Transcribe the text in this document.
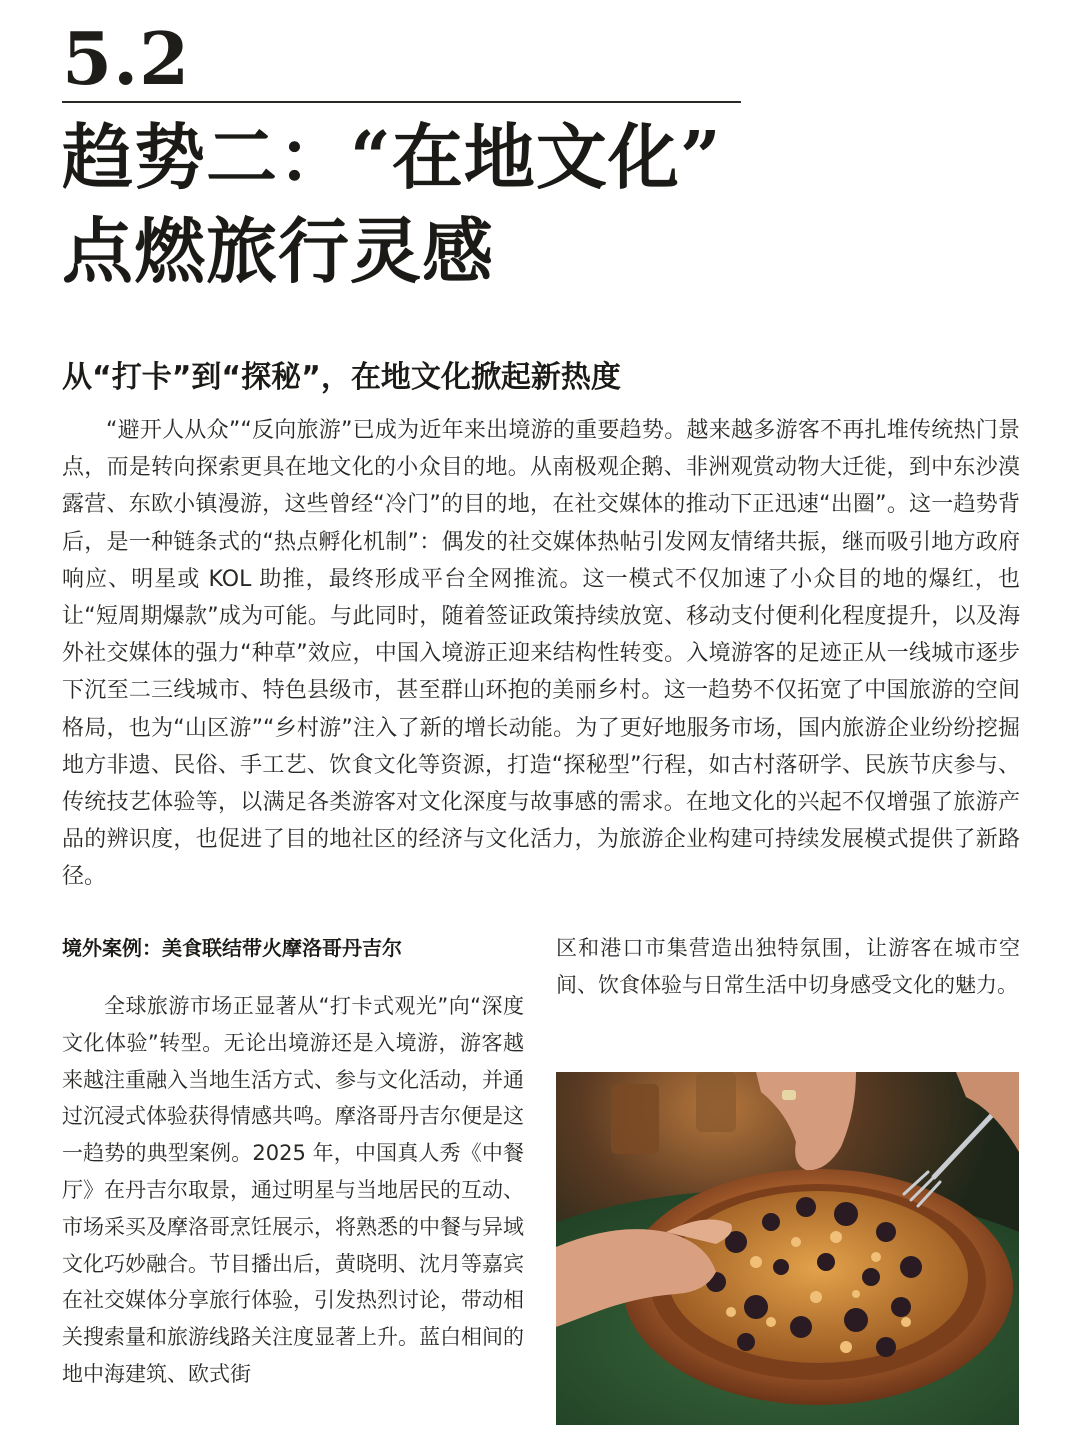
5.2
趋势二：“在地文化”
点燃旅行灵感
从“打卡”到“探秘”，在地文化掀起新热度

“避开人从众”“反向旅游”已成为近年来出境游的重要趋势。越来越多游客不再扎堆传统热门景点，而是转向探索更具在地文化的小众目的地。从南极观企鹅、非洲观赏动物大迁徙，到中东沙漠露营、东欧小镇漫游，这些曾经“冷门”的目的地，在社交媒体的推动下正迅速“出圈”。这一趋势背后，是一种链条式的“热点孵化机制”：偶发的社交媒体热帖引发网友情绪共振，继而吸引地方政府响应、明星或 KOL 助推，最终形成平台全网推流。这一模式不仅加速了小众目的地的爆红，也让“短周期爆款”成为可能。与此同时，随着签证政策持续放宽、移动支付便利化程度提升，以及海外社交媒体的强力“种草”效应，中国入境游正迎来结构性转变。入境游客的足迹正从一线城市逐步下沉至二三线城市、特色县级市，甚至群山环抱的美丽乡村。这一趋势不仅拓宽了中国旅游的空间格局，也为“山区游”“乡村游”注入了新的增长动能。为了更好地服务市场，国内旅游企业纷纷挖掘地方非遗、民俗、手工艺、饮食文化等资源，打造“探秘型”行程，如古村落研学、民族节庆参与、传统技艺体验等，以满足各类游客对文化深度与故事感的需求。在地文化的兴起不仅增强了旅游产品的辨识度，也促进了目的地社区的经济与文化活力，为旅游企业构建可持续发展模式提供了新路径。

境外案例：美食联结带火摩洛哥丹吉尔

全球旅游市场正显著从“打卡式观光”向“深度文化体验”转型。无论出境游还是入境游，游客越来越注重融入当地生活方式、参与文化活动，并通过沉浸式体验获得情感共鸣。摩洛哥丹吉尔便是这一趋势的典型案例。2025 年，中国真人秀《中餐厅》在丹吉尔取景，通过明星与当地居民的互动、市场采买及摩洛哥烹饪展示，将熟悉的中餐与异域文化巧妙融合。节目播出后，黄晓明、沈月等嘉宾在社交媒体分享旅行体验，引发热烈讨论，带动相关搜索量和旅游线路关注度显著上升。蓝白相间的地中海建筑、欧式街

区和港口市集营造出独特氛围，让游客在城市空间、饮食体验与日常生活中切身感受文化的魅力。
